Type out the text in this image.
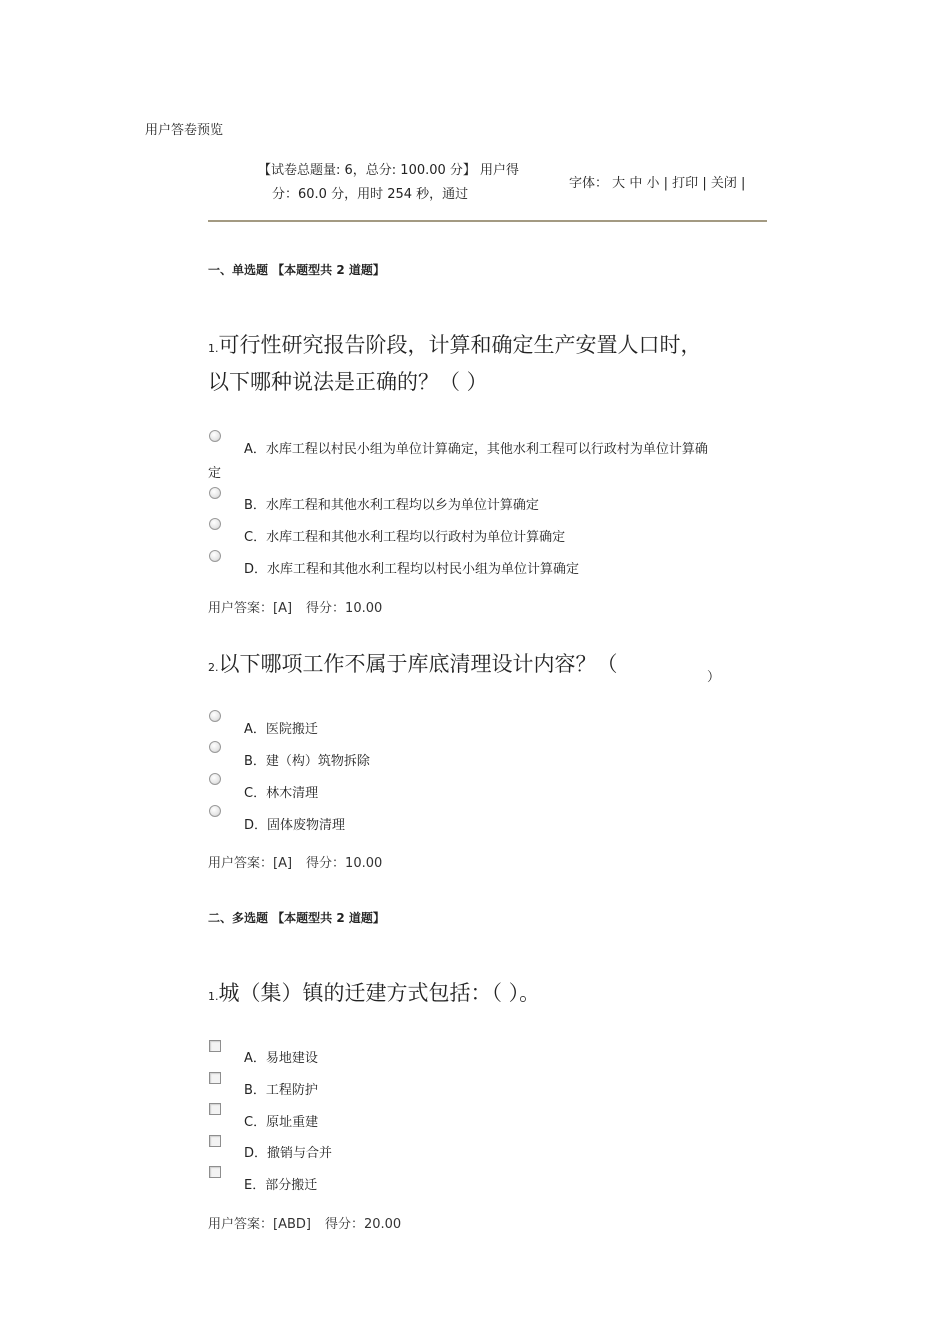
用户答卷预览
【试卷总题量: 6，总分: 100.00 分】 用户得
分：60.0 分，用时 254 秒，通过
字体： 大 中 小 | 打印 | 关闭 |
一、单选题 【本题型共 2 道题】
1.可行性研究报告阶段，计算和确定生产安置人口时，
以下哪种说法是正确的？（ ）
A．水库工程以村民小组为单位计算确定，其他水利工程可以行政村为单位计算确
定
B．水库工程和其他水利工程均以乡为单位计算确定
C．水库工程和其他水利工程均以行政村为单位计算确定
D．水库工程和其他水利工程均以村民小组为单位计算确定
用户答案：[A] 得分：10.00
2.以下哪项工作不属于库底清理设计内容？（
）
A．医院搬迁
B．建（构）筑物拆除
C．林木清理
D．固体废物清理
用户答案：[A] 得分：10.00
二、多选题 【本题型共 2 道题】
1.城（集）镇的迁建方式包括：（ ）。
A．易地建设
B．工程防护
C．原址重建
D．撤销与合并
E．部分搬迁
用户答案：[ABD] 得分：20.00
